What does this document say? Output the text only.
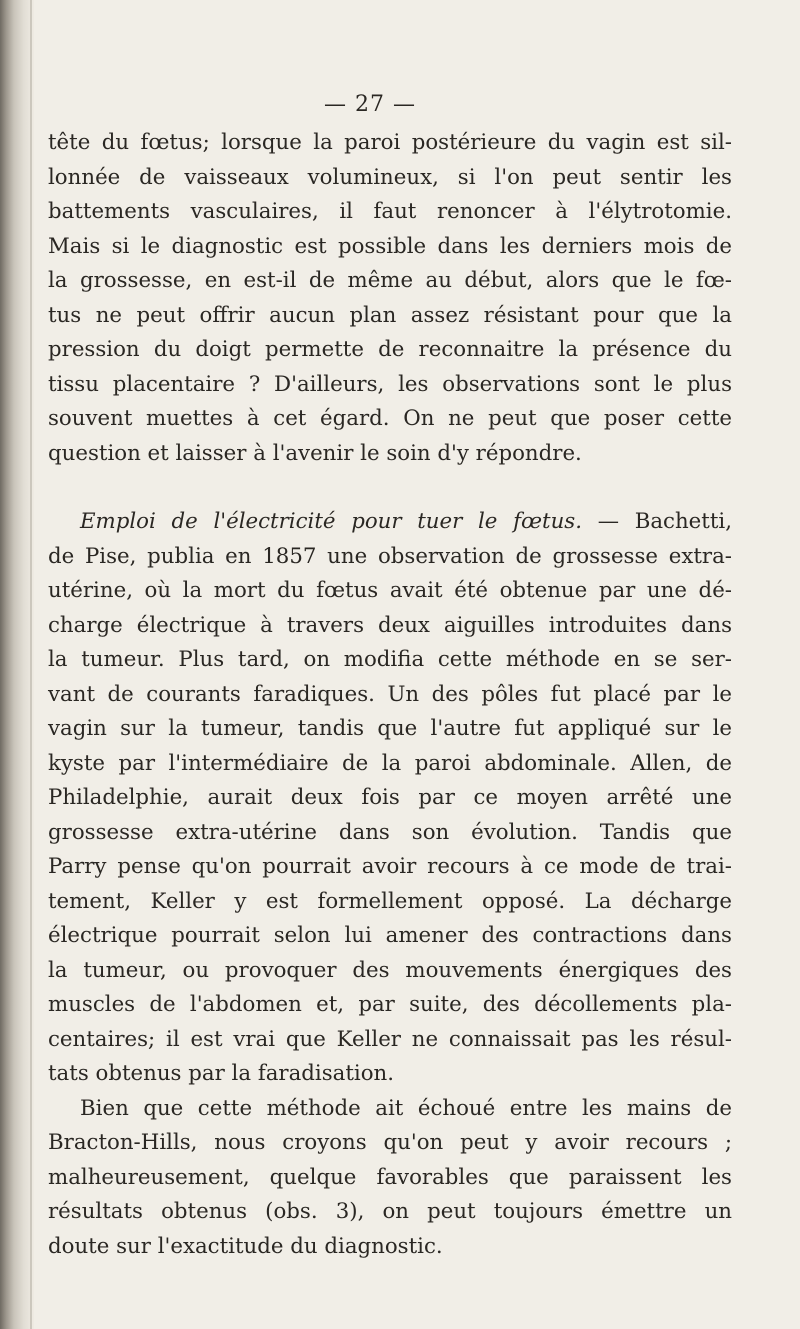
— 27 —
tête du fœtus; lorsque la paroi postérieure du vagin est sil-
lonnée de vaisseaux volumineux, si l'on peut sentir les
battements vasculaires, il faut renoncer à l'élytrotomie.
Mais si le diagnostic est possible dans les derniers mois de
la grossesse, en est-il de même au début, alors que le fœ-
tus ne peut offrir aucun plan assez résistant pour que la
pression du doigt permette de reconnaitre la présence du
tissu placentaire ? D'ailleurs, les observations sont le plus
souvent muettes à cet égard. On ne peut que poser cette
question et laisser à l'avenir le soin d'y répondre.
Emploi de l'électricité pour tuer le fœtus. — Bachetti,
de Pise, publia en 1857 une observation de grossesse extra-
utérine, où la mort du fœtus avait été obtenue par une dé-
charge électrique à travers deux aiguilles introduites dans
la tumeur. Plus tard, on modifia cette méthode en se ser-
vant de courants faradiques. Un des pôles fut placé par le
vagin sur la tumeur, tandis que l'autre fut appliqué sur le
kyste par l'intermédiaire de la paroi abdominale. Allen, de
Philadelphie, aurait deux fois par ce moyen arrêté une
grossesse extra-utérine dans son évolution. Tandis que
Parry pense qu'on pourrait avoir recours à ce mode de trai-
tement, Keller y est formellement opposé. La décharge
électrique pourrait selon lui amener des contractions dans
la tumeur, ou provoquer des mouvements énergiques des
muscles de l'abdomen et, par suite, des décollements pla-
centaires; il est vrai que Keller ne connaissait pas les résul-
tats obtenus par la faradisation.
Bien que cette méthode ait échoué entre les mains de
Bracton-Hills, nous croyons qu'on peut y avoir recours ;
malheureusement, quelque favorables que paraissent les
résultats obtenus (obs. 3), on peut toujours émettre un
doute sur l'exactitude du diagnostic.
